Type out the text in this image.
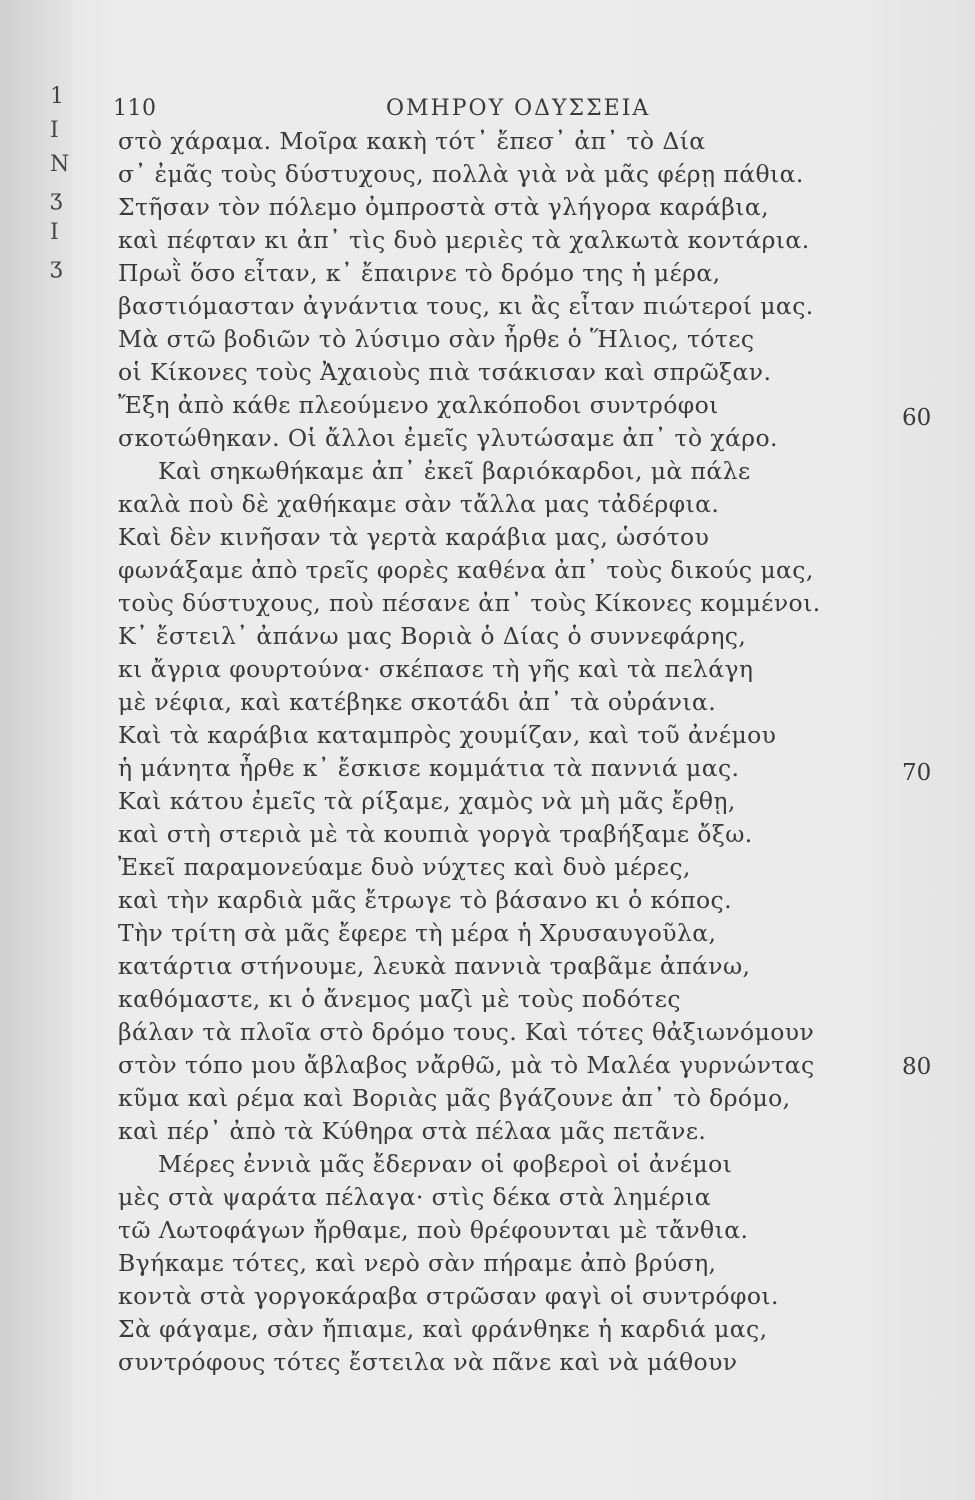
1
Ι
Ν
ʒ
Ι
ʒ
110	ΟΜΗΡΟΥ ΟΔΥΣΣΕΙΑ
στὸ χάραμα. Μοῖρα κακὴ τότ᾿ ἔπεσ᾿ ἀπ᾿ τὸ Δία
σ᾿ ἐμᾶς τοὺς δύστυχους, πολλὰ γιὰ νὰ μᾶς φέρῃ πάθια.
Στῆσαν τὸν πόλεμο ὀμπροστὰ στὰ γλήγορα καράβια,
καὶ πέφταν κι ἀπ᾿ τὶς δυὸ μεριὲς τὰ χαλκωτὰ κοντάρια.
Πρωῒ ὅσο εἶταν, κ᾿ ἔπαιρνε τὸ δρόμο της ἡ μέρα,
βαστιόμασταν ἀγνάντια τους, κι ἂς εἶταν πιώτεροί μας.
Μὰ στῶ βοδιῶν τὸ λύσιμο σὰν ἦρθε ὁ Ἥλιος, τότες
οἱ Κίκονες τοὺς Ἀχαιοὺς πιὰ τσάκισαν καὶ σπρῶξαν.
Ἔξη ἀπὸ κάθε πλεούμενο χαλκόποδοι συντρόφοι
σκοτώθηκαν. Οἱ ἄλλοι ἐμεῖς γλυτώσαμε ἀπ᾿ τὸ χάρο.
Καὶ σηκωθήκαμε ἀπ᾿ ἐκεῖ βαριόκαρδοι, μὰ πάλε
καλὰ ποὺ δὲ χαθήκαμε σὰν τἄλλα μας τἀδέρφια.
Καὶ δὲν κινῆσαν τὰ γερτὰ καράβια μας, ὡσότου
φωνάξαμε ἀπὸ τρεῖς φορὲς καθένα ἀπ᾿ τοὺς δικούς μας,
τοὺς δύστυχους, ποὺ πέσανε ἀπ᾿ τοὺς Κίκονες κομμένοι.
Κ᾿ ἔστειλ᾿ ἀπάνω μας Βοριὰ ὁ Δίας ὁ συννεφάρης,
κι ἄγρια φουρτούνα· σκέπασε τὴ γῆς καὶ τὰ πελάγη
μὲ νέφια, καὶ κατέβηκε σκοτάδι ἀπ᾿ τὰ οὐράνια.
Καὶ τὰ καράβια καταμπρὸς χουμίζαν, καὶ τοῦ ἀνέμου
ἡ μάνητα ἦρθε κ᾿ ἔσκισε κομμάτια τὰ παννιά μας.
Καὶ κάτου ἐμεῖς τὰ ρίξαμε, χαμὸς νὰ μὴ μᾶς ἔρθῃ,
καὶ στὴ στεριὰ μὲ τὰ κουπιὰ γοργὰ τραβήξαμε ὄξω.
Ἐκεῖ παραμονεύαμε δυὸ νύχτες καὶ δυὸ μέρες,
καὶ τὴν καρδιὰ μᾶς ἔτρωγε τὸ βάσανο κι ὁ κόπος.
Τὴν τρίτη σὰ μᾶς ἔφερε τὴ μέρα ἡ Χρυσαυγοῦλα,
κατάρτια στήνουμε, λευκὰ παννιὰ τραβᾶμε ἀπάνω,
καθόμαστε, κι ὁ ἄνεμος μαζὶ μὲ τοὺς ποδότες
βάλαν τὰ πλοῖα στὸ δρόμο τους. Καὶ τότες θἀξιωνόμουν
στὸν τόπο μου ἄβλαβος νἄρθῶ, μὰ τὸ Μαλέα γυρνώντας
κῦμα καὶ ρέμα καὶ Βοριὰς μᾶς βγάζουνε ἀπ᾿ τὸ δρόμο,
καὶ πέρ᾿ ἀπὸ τὰ Κύθηρα στὰ πέλαα μᾶς πετᾶνε.
Μέρες ἐννιὰ μᾶς ἔδερναν οἱ φοβεροὶ οἱ ἀνέμοι
μὲς στὰ ψαράτα πέλαγα· στὶς δέκα στὰ λημέρια
τῶ Λωτοφάγων ἤρθαμε, ποὺ θρέφουνται μὲ τἄνθια.
Βγήκαμε τότες, καὶ νερὸ σὰν πήραμε ἀπὸ βρύση,
κοντὰ στὰ γοργοκάραβα στρῶσαν φαγὶ οἱ συντρόφοι.
Σὰ φάγαμε, σὰν ἤπιαμε, καὶ φράνθηκε ἡ καρδιά μας,
συντρόφους τότες ἔστειλα νὰ πᾶνε καὶ νὰ μάθουν
60
70
80
